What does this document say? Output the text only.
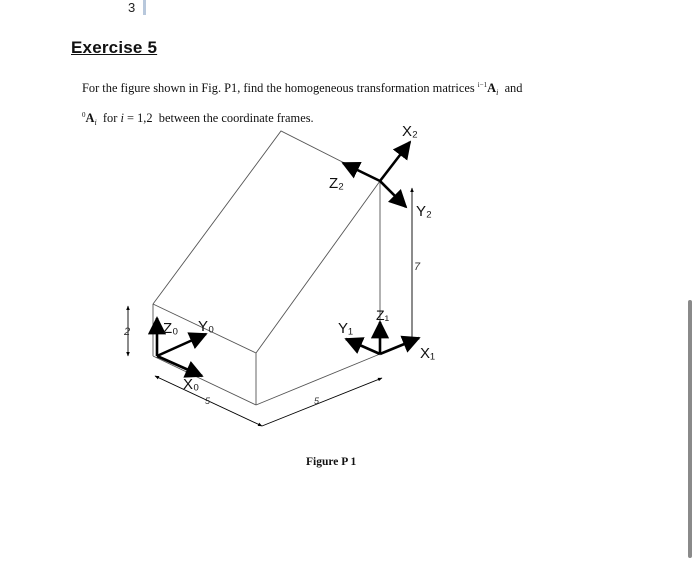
3
Exercise 5
For the figure shown in Fig. P1, find the homogeneous transformation matrices $^{i-1}A_i$ and
$^0A_i$ for i = 1,2 between the coordinate frames.
X₂
Z₂
Y₂
7
Z₁
Y₁
X₁
Z₀ Y₀
X₀
2
5	5
Figure P 1
